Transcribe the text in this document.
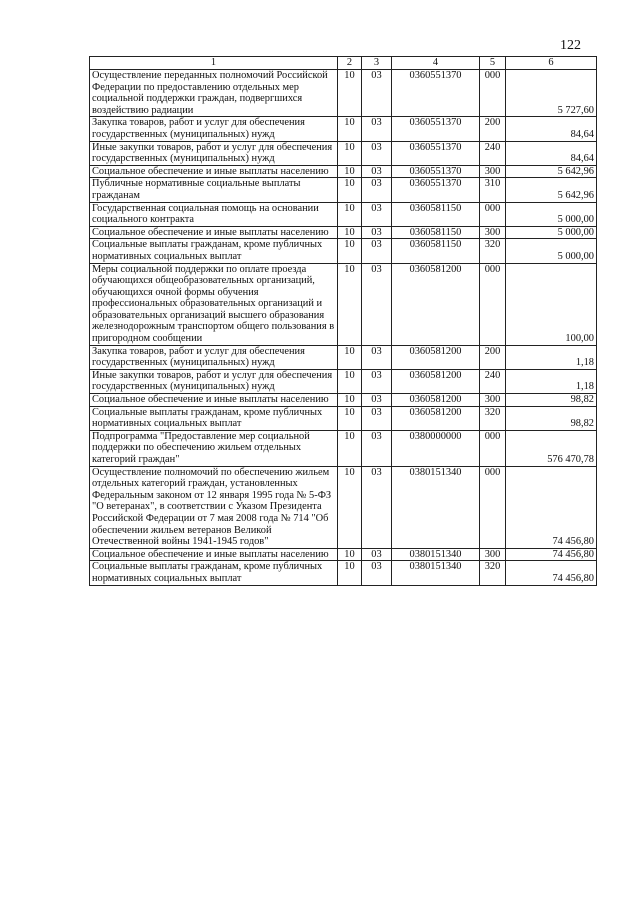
122
1	2	3	4	5	6
Осуществление переданных полномочий Российской Федерации по предоставлению отдельных мер социальной поддержки граждан, подвергшихся воздействию радиации	10	03	0360551370	000	5 727,60
Закупка товаров, работ и услуг для обеспечения государственных (муниципальных) нужд	10	03	0360551370	200	84,64
Иные закупки товаров, работ и услуг для обеспечения государственных (муниципальных) нужд	10	03	0360551370	240	84,64
Социальное обеспечение и иные выплаты населению	10	03	0360551370	300	5 642,96
Публичные нормативные социальные выплаты гражданам	10	03	0360551370	310	5 642,96
Государственная социальная помощь на основании социального контракта	10	03	0360581150	000	5 000,00
Социальное обеспечение и иные выплаты населению	10	03	0360581150	300	5 000,00
Социальные выплаты гражданам, кроме публичных нормативных социальных выплат	10	03	0360581150	320	5 000,00
Меры социальной поддержки по оплате проезда обучающихся общеобразовательных организаций, обучающихся очной формы обучения профессиональных образовательных организаций и образовательных организаций высшего образования железнодорожным транспортом общего пользования в пригородном сообщении	10	03	0360581200	000	100,00
Закупка товаров, работ и услуг для обеспечения государственных (муниципальных) нужд	10	03	0360581200	200	1,18
Иные закупки товаров, работ и услуг для обеспечения государственных (муниципальных) нужд	10	03	0360581200	240	1,18
Социальное обеспечение и иные выплаты населению	10	03	0360581200	300	98,82
Социальные выплаты гражданам, кроме публичных нормативных социальных выплат	10	03	0360581200	320	98,82
Подпрограмма "Предоставление мер социальной поддержки по обеспечению жильем отдельных категорий граждан"	10	03	0380000000	000	576 470,78
Осуществление полномочий по обеспечению жильем отдельных категорий граждан, установленных Федеральным законом от 12 января 1995 года № 5-ФЗ "О ветеранах", в соответствии с Указом Президента Российской Федерации от 7 мая 2008 года № 714 "Об обеспечении жильем ветеранов Великой Отечественной войны 1941-1945 годов"	10	03	0380151340	000	74 456,80
Социальное обеспечение и иные выплаты населению	10	03	0380151340	300	74 456,80
Социальные выплаты гражданам, кроме публичных нормативных социальных выплат	10	03	0380151340	320	74 456,80
